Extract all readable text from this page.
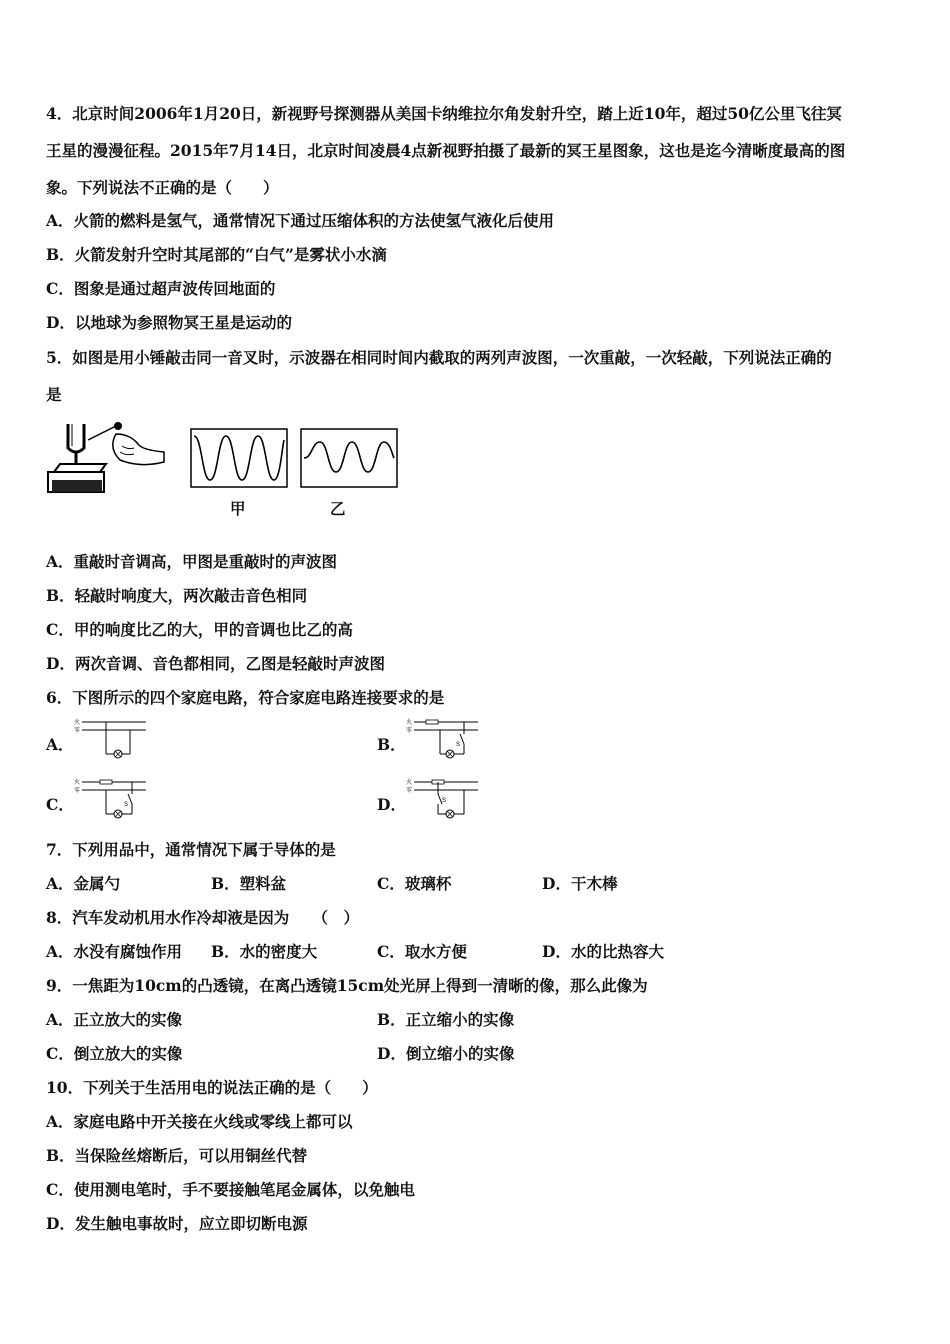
4．北京时间2006年1月20日，新视野号探测器从美国卡纳维拉尔角发射升空，踏上近10年，超过50亿公里飞往冥
王星的漫漫征程。2015年7月14日，北京时间凌晨4点新视野拍摄了最新的冥王星图象，这也是迄今清晰度最高的图
象。下列说法不正确的是（　　）
A．火箭的燃料是氢气，通常情况下通过压缩体积的方法使氢气液化后使用
B．火箭发射升空时其尾部的“白气”是雾状小水滴
C．图象是通过超声波传回地面的
D．以地球为参照物冥王星是运动的
5．如图是用小锤敲击同一音叉时，示波器在相同时间内截取的两列声波图，一次重敲，一次轻敲，下列说法正确的
是
甲	乙
A．重敲时音调高，甲图是重敲时的声波图
B．轻敲时响度大，两次敲击音色相同
C．甲的响度比乙的大，甲的音调也比乙的高
D．两次音调、音色都相同，乙图是轻敲时声波图
6．下图所示的四个家庭电路，符合家庭电路连接要求的是
A．
火
零
B．
火
零
S
C．
火
零
S	D．
火
零
S
7．下列用品中，通常情况下属于导体的是
A．金属勺	B．塑料盆	C．玻璃杯	D．干木棒
8．汽车发动机用水作冷却液是因为　　（　）
A．水没有腐蚀作用 B．水的密度大	C．取水方便	D．水的比热容大
9．一焦距为10cm的凸透镜，在离凸透镜15cm处光屏上得到一清晰的像，那么此像为
A．正立放大的实像	B．正立缩小的实像
C．倒立放大的实像	D．倒立缩小的实像
10．下列关于生活用电的说法正确的是（　　）
A．家庭电路中开关接在火线或零线上都可以
B．当保险丝熔断后，可以用铜丝代替
C．使用测电笔时，手不要接触笔尾金属体，以免触电
D．发生触电事故时，应立即切断电源
